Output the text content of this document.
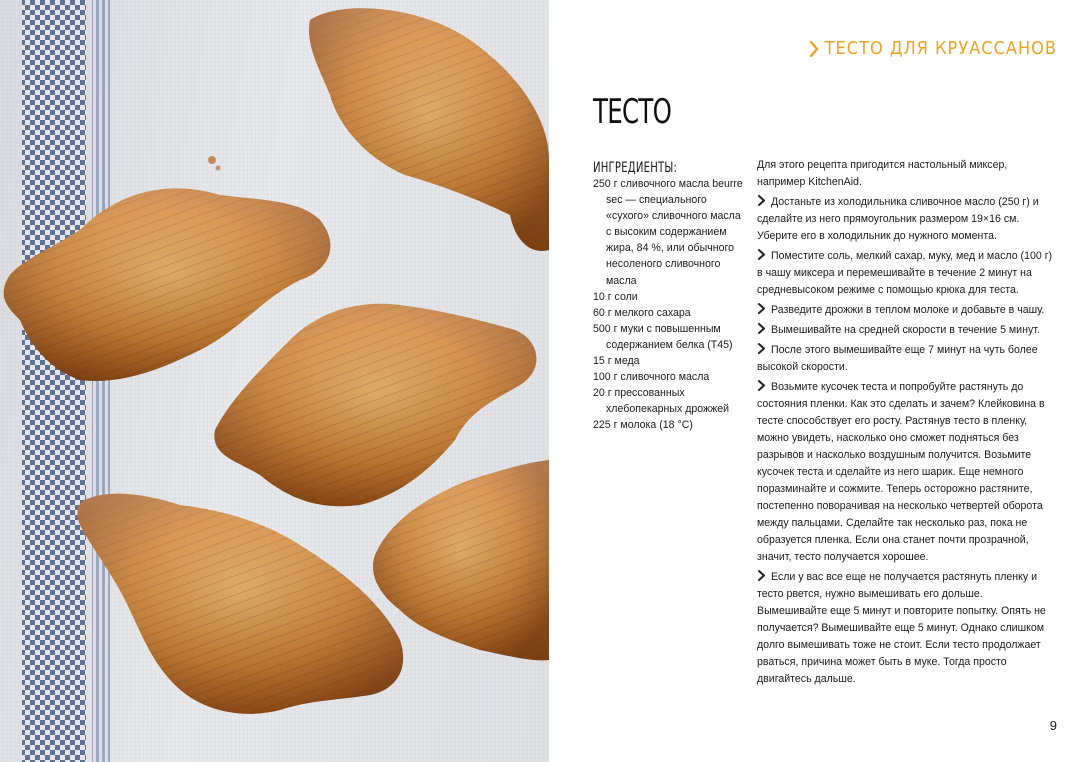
ТЕСТО ДЛЯ КРУАССАНОВ
ТЕСТО
ИНГРЕДИЕНТЫ:
250 г сливочного масла beurre sec — специального «сухого» сливочного масла с высоким содержанием жира, 84 %, или обычного несоленого сливочного масла
10 г соли
60 г мелкого сахара
500 г муки с повышенным содержанием белка (T45)
15 г меда
100 г сливочного масла
20 г прессованных хлебопекарных дрожжей
225 г молока (18 °C)

Для этого рецепта пригодится настольный миксер, например KitchenAid.

Достаньте из холодильника сливочное масло (250 г) и сделайте из него прямоугольник размером 19×16 см. Уберите его в холодильник до нужного момента.

Поместите соль, мелкий сахар, муку, мед и масло (100 г) в чашу миксера и перемешивайте в течение 2 минут на средневысоком режиме с помощью крюка для теста.

Разведите дрожжи в теплом молоке и добавьте в чашу.

Вымешивайте на средней скорости в течение 5 минут.

После этого вымешивайте еще 7 минут на чуть более высокой скорости.

Возьмите кусочек теста и попробуйте растянуть до состояния пленки. Как это сделать и зачем? Клейковина в тесте способствует его росту. Растянув тесто в пленку, можно увидеть, насколько оно сможет подняться без разрывов и насколько воздушным получится. Возьмите кусочек теста и сделайте из него шарик. Еще немного поразминайте и сожмите. Теперь осторожно растяните, постепенно поворачивая на несколько четвертей оборота между пальцами. Сделайте так несколько раз, пока не образуется пленка. Если она станет почти прозрачной, значит, тесто получается хорошее.

Если у вас все еще не получается растянуть пленку и тесто рвется, нужно вымешивать его дольше. Вымешивайте еще 5 минут и повторите попытку. Опять не получается? Вымешивайте еще 5 минут. Однако слишком долго вымешивать тоже не стоит. Если тесто продолжает рваться, причина может быть в муке. Тогда просто двигайтесь дальше.

9
